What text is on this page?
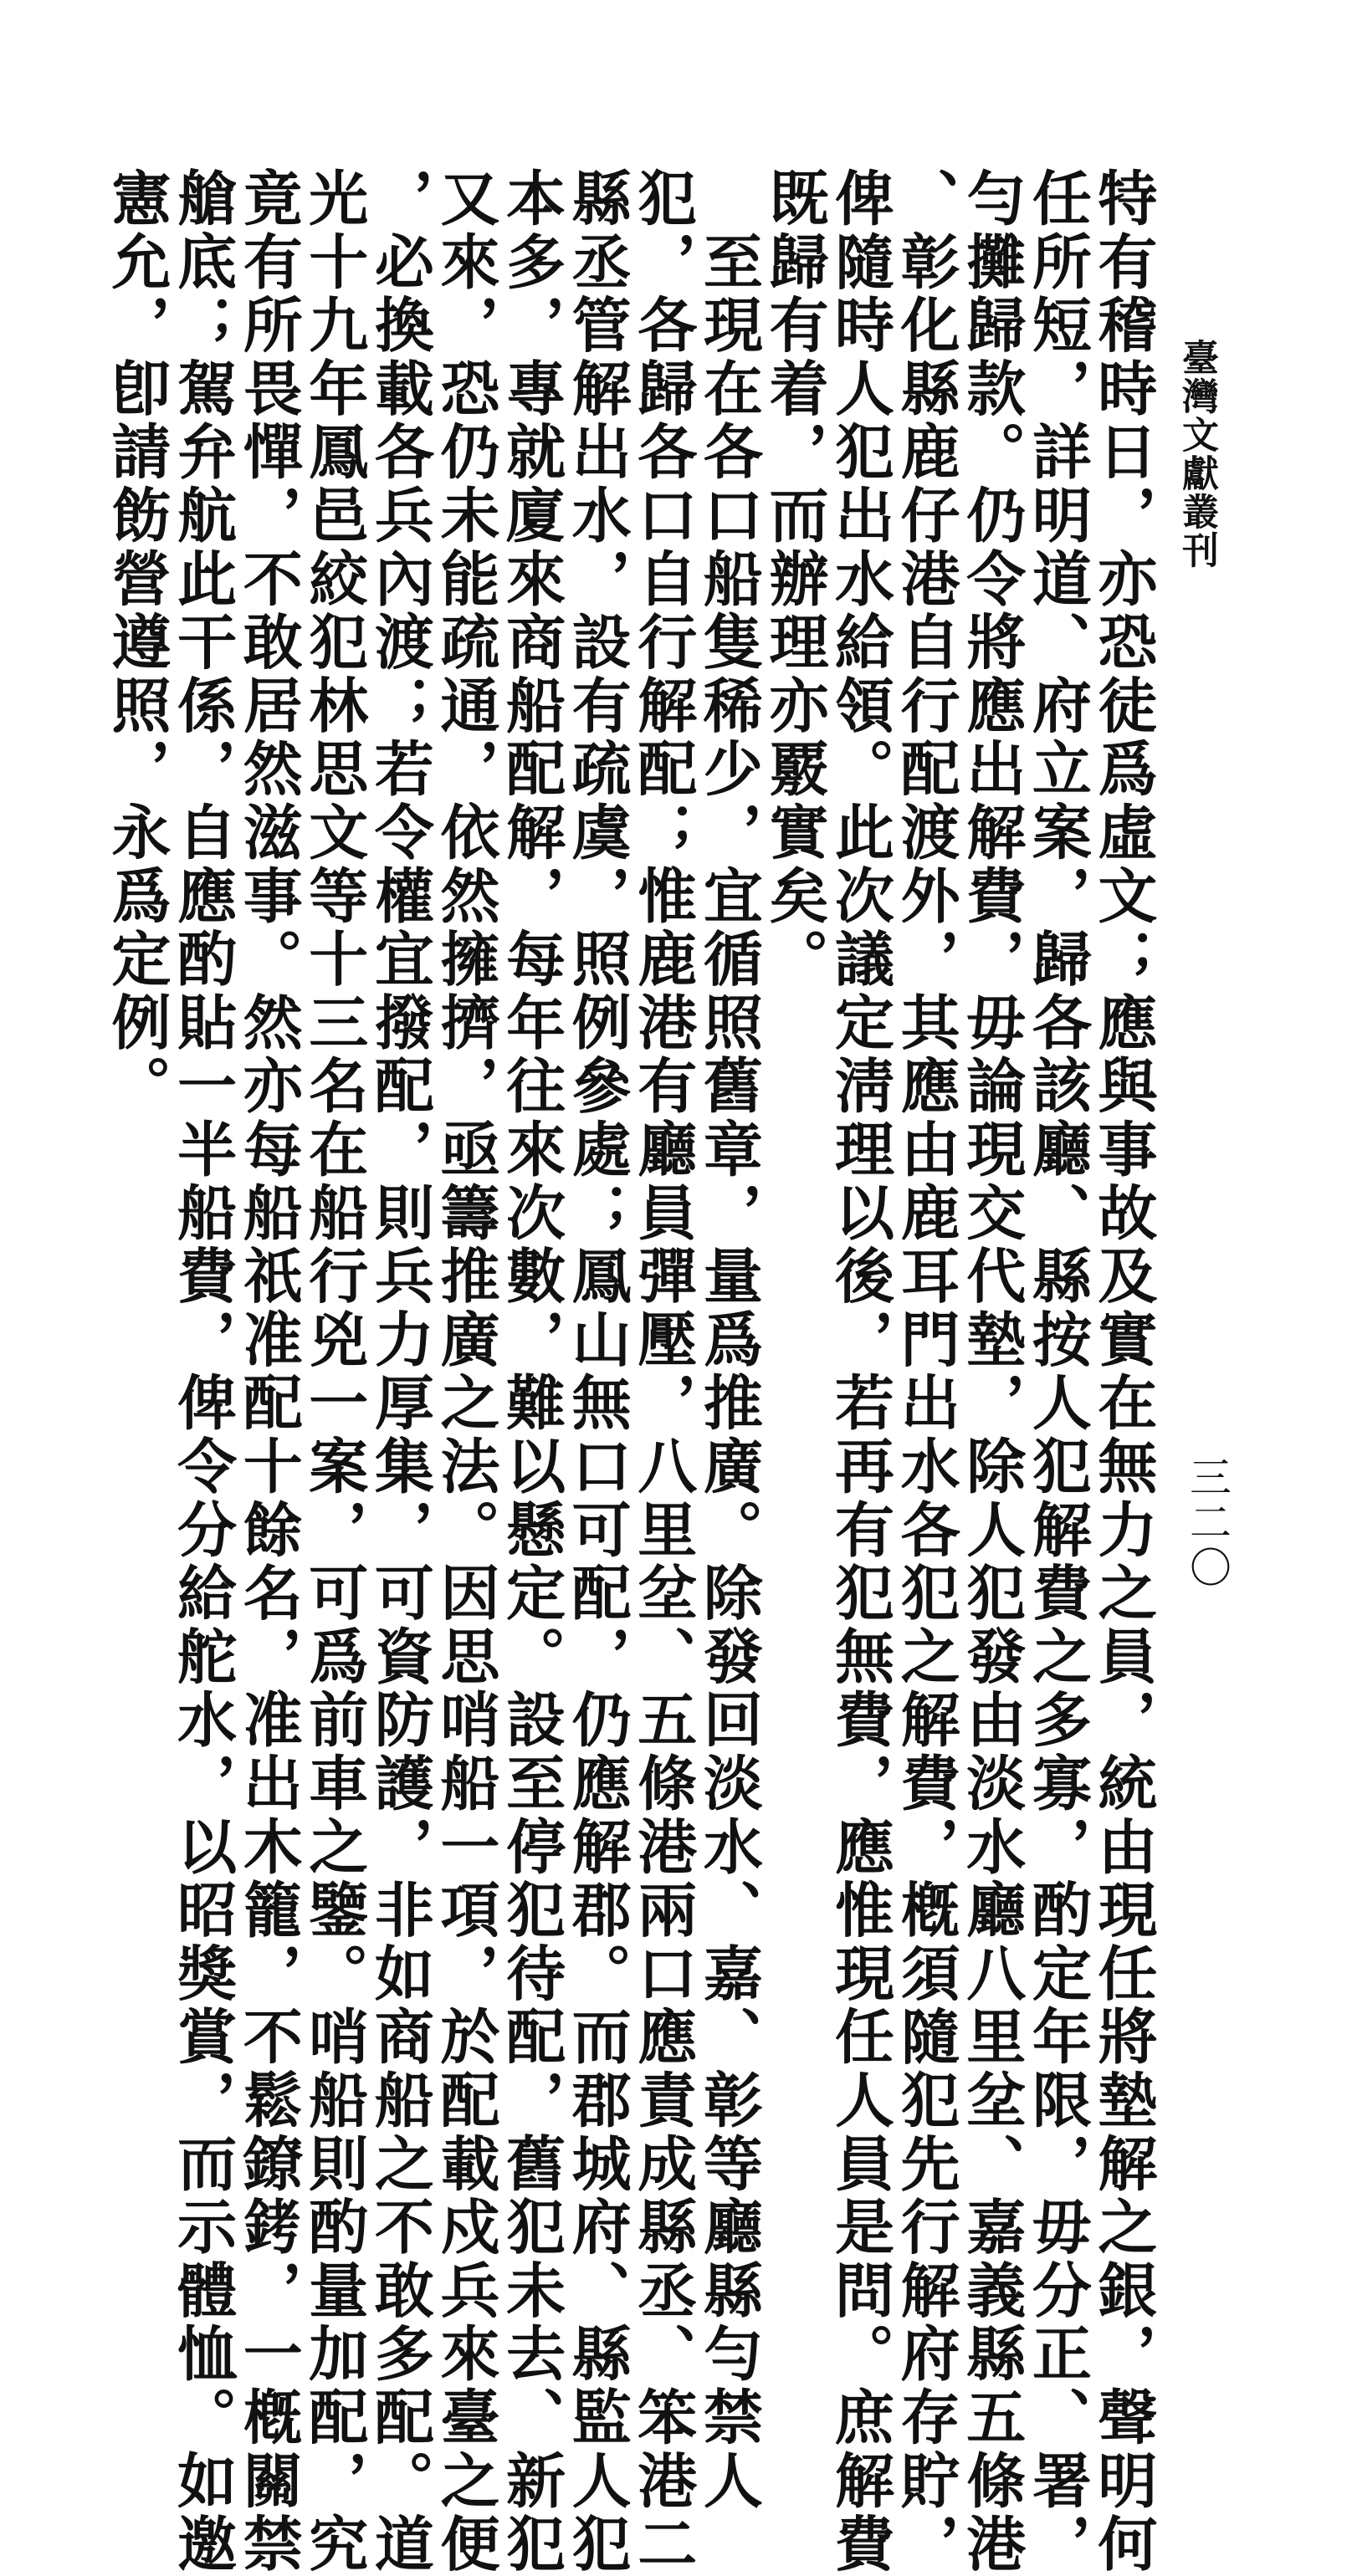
臺灣文獻叢刊
三二〇
特有稽時日，亦恐徒爲虛文；應與事故及實在無力之員，統由現任將墊解之銀，聲明何
任所短，詳明道、府立案，歸各該廳、縣按人犯解費之多寡，酌定年限，毋分正、署，
勻攤歸款。仍令將應出解費，毋論現交代墊，除人犯發由淡水廳八里坌、嘉義縣五條港
、彰化縣鹿仔港自行配渡外，其應由鹿耳門出水各犯之解費，槪須隨犯先行解府存貯，
俾隨時人犯出水給領。此次議定淸理以後，若再有犯無費，應惟現任人員是問。庶解費
既歸有着，而辦理亦覈實矣。
　至現在各口船隻稀少，宜循照舊章，量爲推廣。除發回淡水、嘉、彰等廳縣勻禁人
犯，各歸各口自行解配；惟鹿港有廳員彈壓，八里坌、五條港兩口應責成縣丞、笨港二
縣丞管解出水，設有疏虞，照例參處；鳳山無口可配，仍應解郡。而郡城府、縣監人犯
本多，專就廈來商船配解，每年往來次數，難以懸定。設至停犯待配，舊犯未去、新犯
又來，恐仍未能疏通，依然擁擠，亟籌推廣之法。因思哨船一項，於配載戍兵來臺之便
，必換載各兵內渡；若令權宜撥配，則兵力厚集，可資防護，非如商船之不敢多配。道
光十九年鳳邑絞犯林思文等十三名在船行兇一案，可爲前車之鑒。哨船則酌量加配，究
竟有所畏憚，不敢居然滋事。然亦每船祇准配十餘名，准出木籠，不鬆鐐銬，一槪關禁
艙底；駕弁航此干係，自應酌貼一半船費，俾令分給舵水，以昭獎賞，而示體恤。如邀
憲允，卽請飭營遵照，永爲定例。
